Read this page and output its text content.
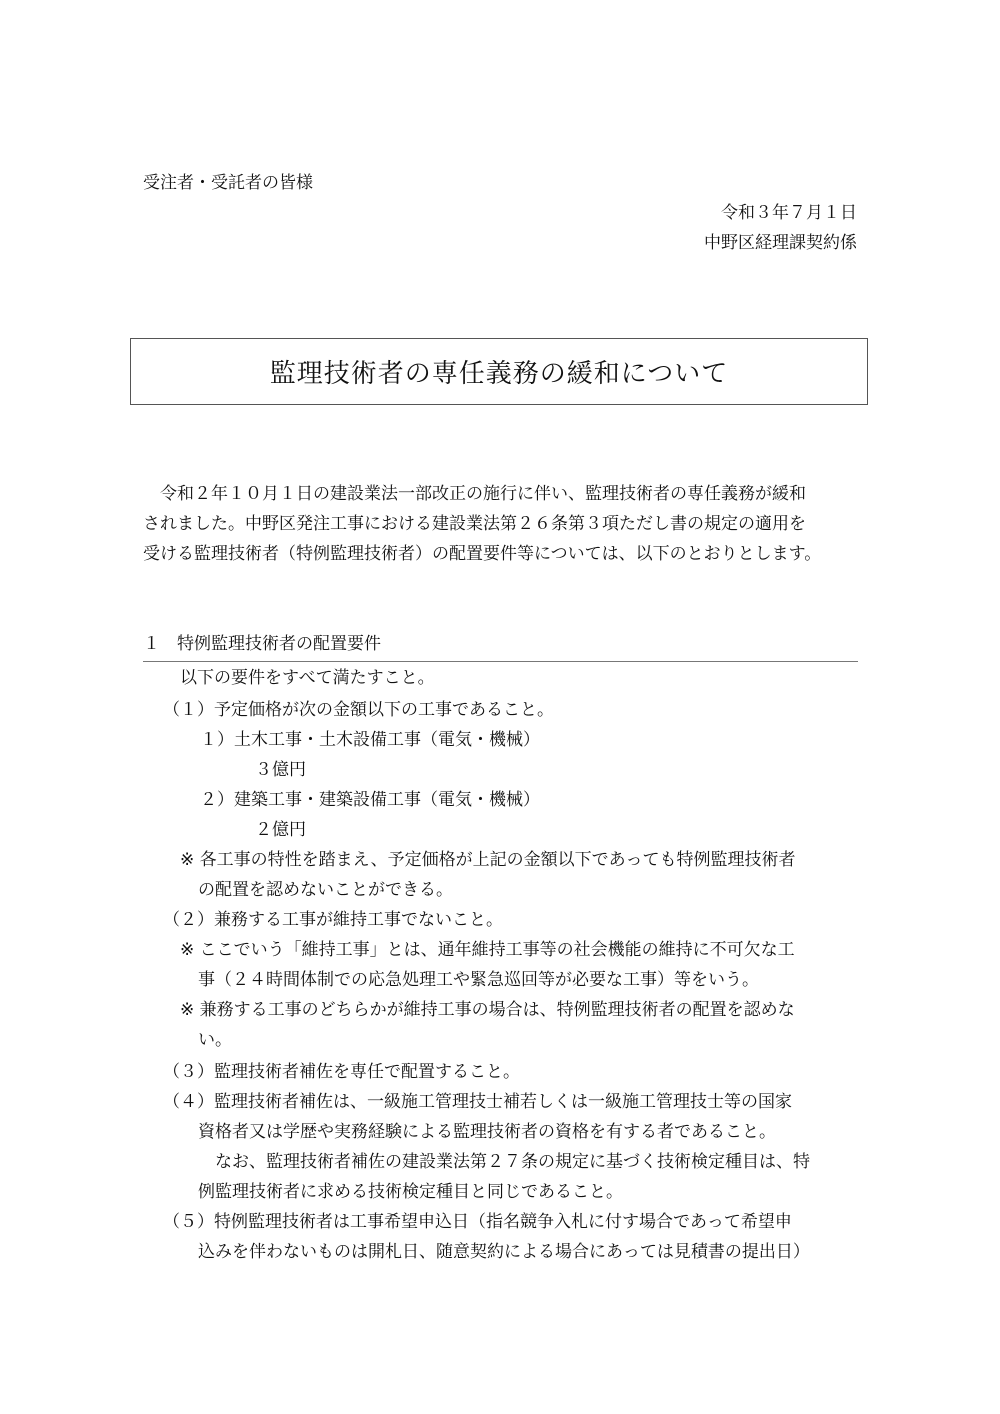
受注者・受託者の皆様
令和３年７月１日
中野区経理課契約係
監理技術者の専任義務の緩和について
令和２年１０月１日の建設業法一部改正の施行に伴い、監理技術者の専任義務が緩和
されました。中野区発注工事における建設業法第２６条第３項ただし書の規定の適用を
受ける監理技術者（特例監理技術者）の配置要件等については、以下のとおりとします。
１　特例監理技術者の配置要件
以下の要件をすべて満たすこと。
（１）予定価格が次の金額以下の工事であること。
１）土木工事・土木設備工事（電気・機械）
３億円
２）建築工事・建築設備工事（電気・機械）
２億円
※ 各工事の特性を踏まえ、予定価格が上記の金額以下であっても特例監理技術者
の配置を認めないことができる。
（２）兼務する工事が維持工事でないこと。
※ ここでいう「維持工事」とは、通年維持工事等の社会機能の維持に不可欠な工
事（２４時間体制での応急処理工や緊急巡回等が必要な工事）等をいう。
※ 兼務する工事のどちらかが維持工事の場合は、特例監理技術者の配置を認めな
い。
（３）監理技術者補佐を専任で配置すること。
（４）監理技術者補佐は、一級施工管理技士補若しくは一級施工管理技士等の国家
資格者又は学歴や実務経験による監理技術者の資格を有する者であること。
なお、監理技術者補佐の建設業法第２７条の規定に基づく技術検定種目は、特
例監理技術者に求める技術検定種目と同じであること。
（５）特例監理技術者は工事希望申込日（指名競争入札に付す場合であって希望申
込みを伴わないものは開札日、随意契約による場合にあっては見積書の提出日）
